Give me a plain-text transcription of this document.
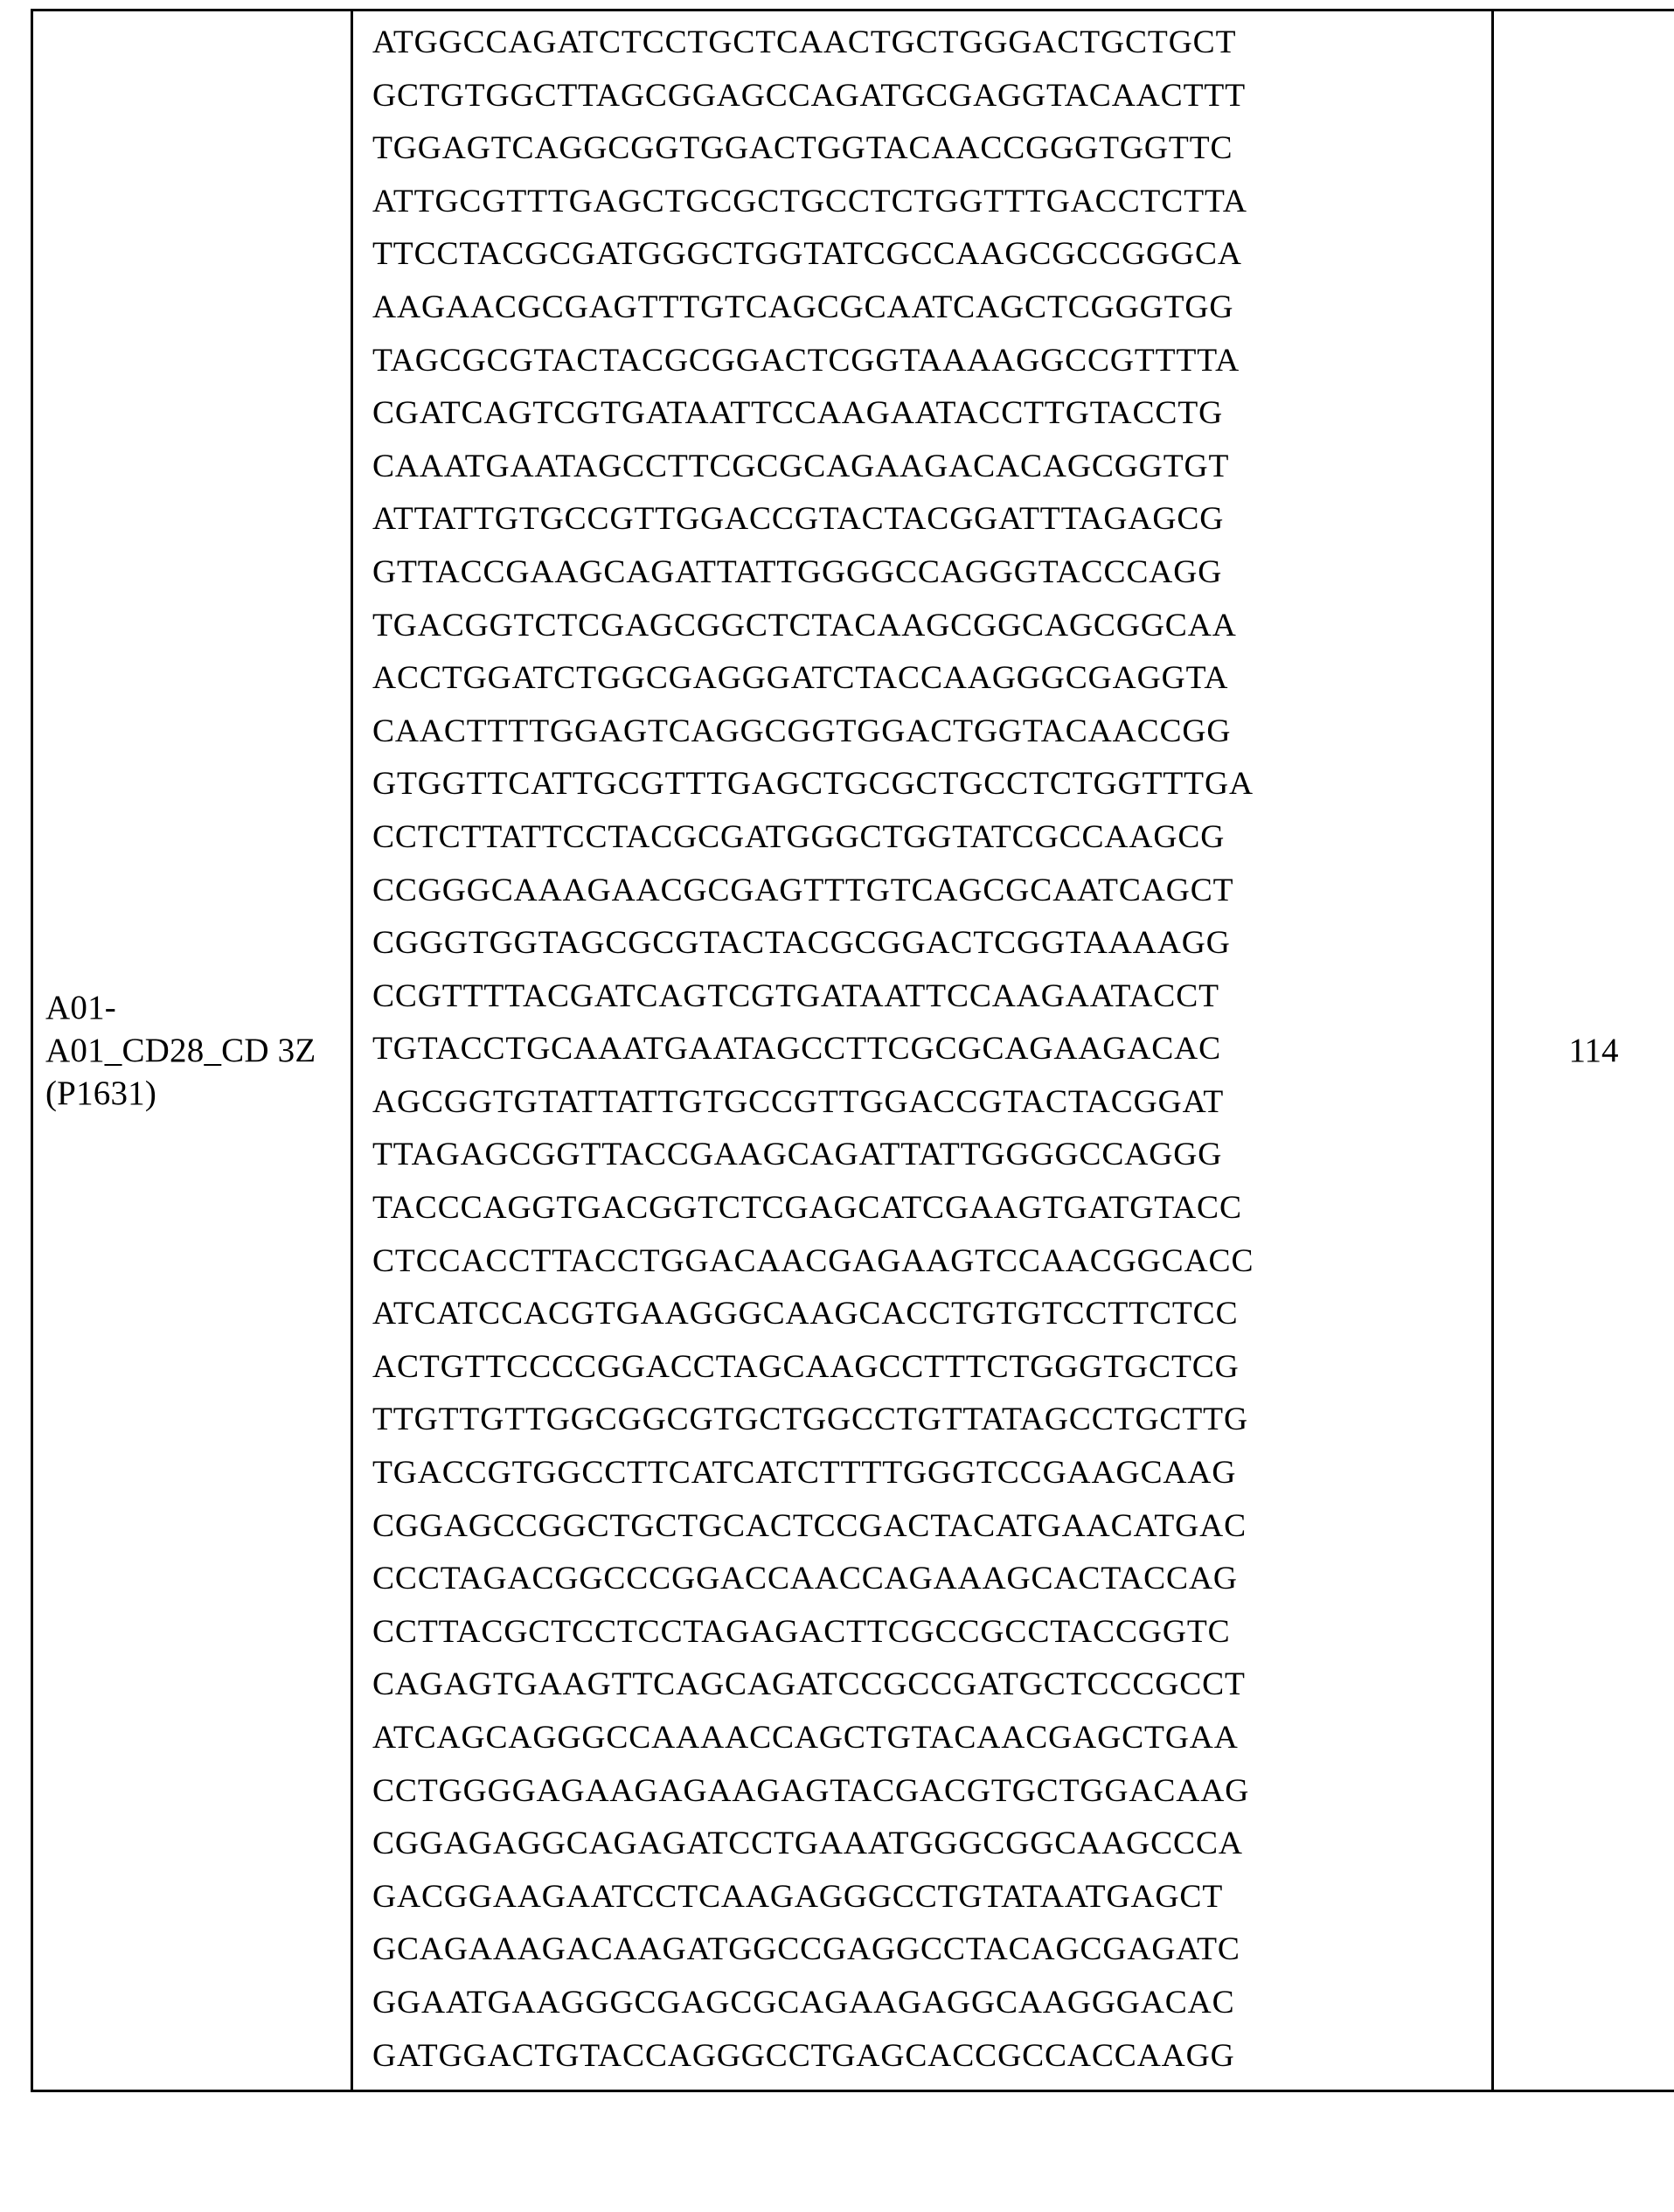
A01- A01_CD28_CD 3Z (P1631)	
ATGGCCAGATCTCCTGCTCAACTGCTGGGACTGCTGCT
GCTGTGGCTTAGCGGAGCCAGATGCGAGGTACAACTTT
TGGAGTCAGGCGGTGGACTGGTACAACCGGGTGGTTC
ATTGCGTTTGAGCTGCGCTGCCTCTGGTTTGACCTCTTA
TTCCTACGCGATGGGCTGGTATCGCCAAGCGCCGGGCA
AAGAACGCGAGTTTGTCAGCGCAATCAGCTCGGGTGG
TAGCGCGTACTACGCGGACTCGGTAAAAGGCCGTTTTA
CGATCAGTCGTGATAATTCCAAGAATACCTTGTACCTG
CAAATGAATAGCCTTCGCGCAGAAGACACAGCGGTGT
ATTATTGTGCCGTTGGACCGTACTACGGATTTAGAGCG
GTTACCGAAGCAGATTATTGGGGCCAGGGTACCCAGG
TGACGGTCTCGAGCGGCTCTACAAGCGGCAGCGGCAA
ACCTGGATCTGGCGAGGGATCTACCAAGGGCGAGGTA
CAACTTTTGGAGTCAGGCGGTGGACTGGTACAACCGG
GTGGTTCATTGCGTTTGAGCTGCGCTGCCTCTGGTTTGA
CCTCTTATTCCTACGCGATGGGCTGGTATCGCCAAGCG
CCGGGCAAAGAACGCGAGTTTGTCAGCGCAATCAGCT
CGGGTGGTAGCGCGTACTACGCGGACTCGGTAAAAGG
CCGTTTTACGATCAGTCGTGATAATTCCAAGAATACCT
TGTACCTGCAAATGAATAGCCTTCGCGCAGAAGACAC
AGCGGTGTATTATTGTGCCGTTGGACCGTACTACGGAT
TTAGAGCGGTTACCGAAGCAGATTATTGGGGCCAGGG
TACCCAGGTGACGGTCTCGAGCATCGAAGTGATGTACC
CTCCACCTTACCTGGACAACGAGAAGTCCAACGGCACC
ATCATCCACGTGAAGGGCAAGCACCTGTGTCCTTCTCC
ACTGTTCCCCGGACCTAGCAAGCCTTTCTGGGTGCTCG
TTGTTGTTGGCGGCGTGCTGGCCTGTTATAGCCTGCTTG
TGACCGTGGCCTTCATCATCTTTTGGGTCCGAAGCAAG
CGGAGCCGGCTGCTGCACTCCGACTACATGAACATGAC
CCCTAGACGGCCCGGACCAACCAGAAAGCACTACCAG
CCTTACGCTCCTCCTAGAGACTTCGCCGCCTACCGGTC
CAGAGTGAAGTTCAGCAGATCCGCCGATGCTCCCGCCT
ATCAGCAGGGCCAAAACCAGCTGTACAACGAGCTGAA
CCTGGGGAGAAGAGAAGAGTACGACGTGCTGGACAAG
CGGAGAGGCAGAGATCCTGAAATGGGCGGCAAGCCCA
GACGGAAGAATCCTCAAGAGGGCCTGTATAATGAGCT
GCAGAAAGACAAGATGGCCGAGGCCTACAGCGAGATC
GGAATGAAGGGCGAGCGCAGAAGAGGCAAGGGACAC
GATGGACTGTACCAGGGCCTGAGCACCGCCACCAAGG
	114
